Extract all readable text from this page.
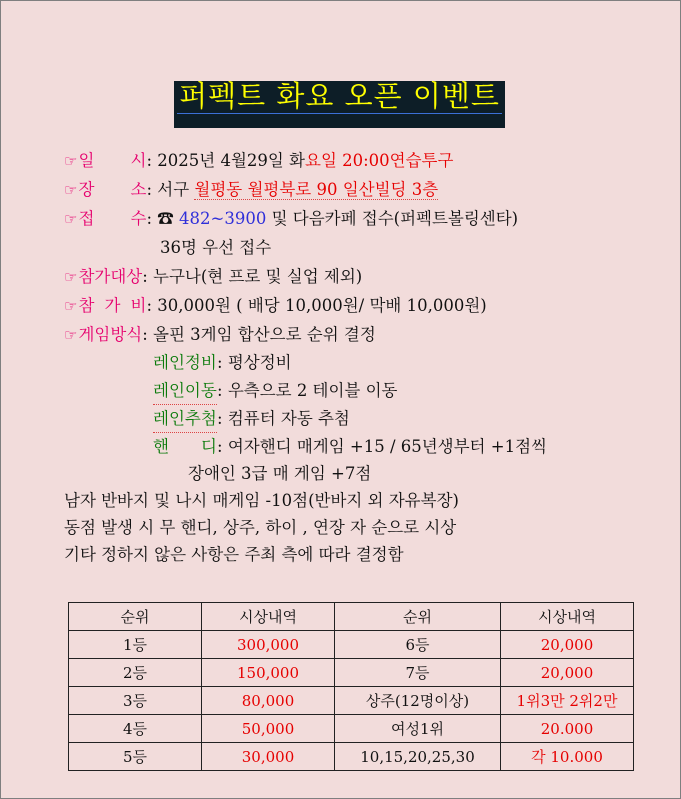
퍼펙트 화요 오픈 이벤트
☞일 시: 2025년 4월29일 화요일 20:00연습투구
☞장 소: 서구 월평동 월평북로 90 일산빌딩 3층
☞접 수: ☎ 482~3900 및 다음카페 접수(퍼펙트볼링센타)
36명 우선 접수
☞참가대상: 누구나(현 프로 및 실업 제외)
☞참 가 비: 30,000원 ( 배당 10,000원/ 막배 10,000원)
☞게임방식: 올핀 3게임 합산으로 순위 결정
레인정비: 평상정비
레인이동: 우측으로 2 테이블 이동
레인추첨: 컴퓨터 자동 추첨
핸 디: 여자핸디 매게임 +15 / 65년생부터 +1점씩
장애인 3급 매 게임 +7점
남자 반바지 및 나시 매게임 -10점(반바지 외 자유복장)
동점 발생 시 무 핸디, 상주, 하이 , 연장 자 순으로 시상
기타 정하지 않은 사항은 주최 측에 따라 결정함
순위	시상내역	순위	시상내역
1등	300,000	6등	20,000
2등	150,000	7등	20,000
3등	80,000	상주(12명이상)	1위3만 2위2만
4등	50,000	여성1위	20.000
5등	30,000	10,15,20,25,30	각 10.000
